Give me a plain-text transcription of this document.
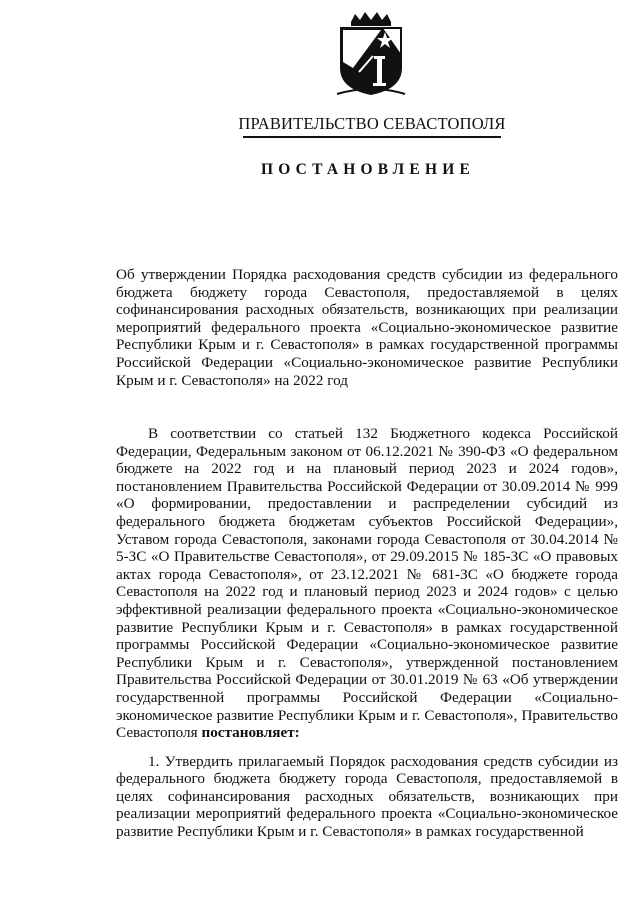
ПРАВИТЕЛЬСТВО СЕВАСТОПОЛЯ
ПОСТАНОВЛЕНИЕ
Об утверждении Порядка расходования средств субсидии из федерального бюджета бюджету города Севастополя, предоставляемой в целях софинансирования расходных обязательств, возникающих при реализации мероприятий федерального проекта «Социально-экономическое развитие Республики Крым и г. Севастополя» в рамках государственной программы Российской Федерации «Социально-экономическое развитие Республики Крым и г. Севастополя» на 2022 год

В соответствии со статьей 132 Бюджетного кодекса Российской Федерации, Федеральным законом от 06.12.2021 № 390-ФЗ «О федеральном бюджете на 2022 год и на плановый период 2023 и 2024 годов», постановлением Правительства Российской Федерации от 30.09.2014 № 999 «О формировании, предоставлении и распределении субсидий из федерального бюджета бюджетам субъектов Российской Федерации», Уставом города Севастополя, законами города Севастополя от 30.04.2014 № 5-ЗС «О Правительстве Севастополя», от 29.09.2015 № 185-ЗС «О правовых актах города Севастополя», от 23.12.2021 № 681-ЗС «О бюджете города Севастополя на 2022 год и плановый период 2023 и 2024 годов» с целью эффективной реализации федерального проекта «Социально-экономическое развитие Республики Крым и г. Севастополя» в рамках государственной программы Российской Федерации «Социально-экономическое развитие Республики Крым и г. Севастополя», утвержденной постановлением Правительства Российской Федерации от 30.01.2019 № 63 «Об утверждении государственной программы Российской Федерации «Социально-экономическое развитие Республики Крым и г. Севастополя», Правительство Севастополя постановляет:

1. Утвердить прилагаемый Порядок расходования средств субсидии из федерального бюджета бюджету города Севастополя, предоставляемой в целях софинансирования расходных обязательств, возникающих при реализации мероприятий федерального проекта «Социально-экономическое развитие Республики Крым и г. Севастополя» в рамках государственной
